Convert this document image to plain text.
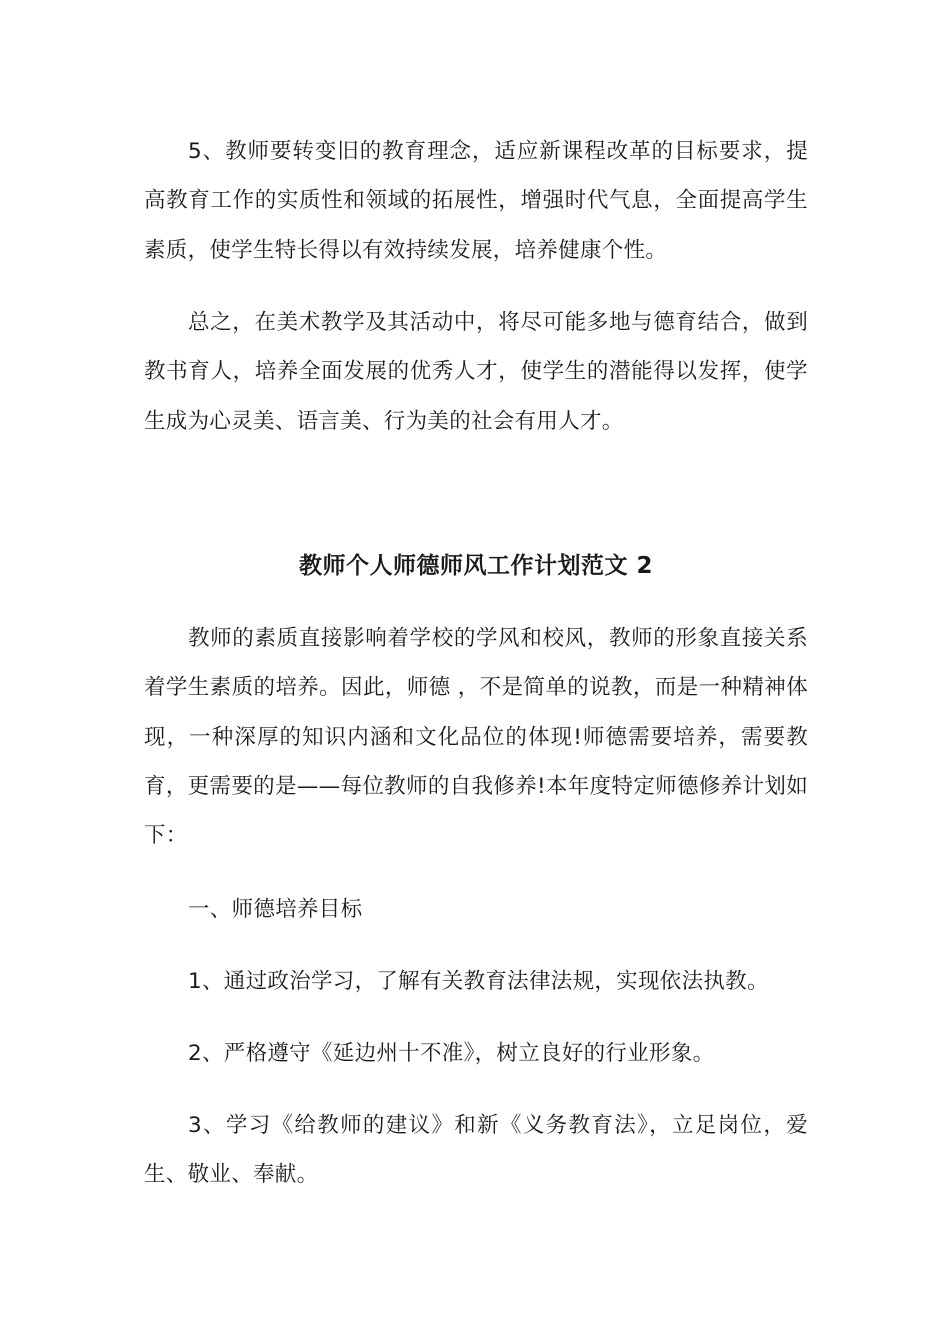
5、教师要转变旧的教育理念，适应新课程改革的目标要求，提高教育工作的实质性和领域的拓展性，增强时代气息，全面提高学生素质，使学生特长得以有效持续发展，培养健康个性。

总之，在美术教学及其活动中，将尽可能多地与德育结合，做到教书育人，培养全面发展的优秀人才，使学生的潜能得以发挥，使学生成为心灵美、语言美、行为美的社会有用人才。

教师个人师德师风工作计划范文 2

教师的素质直接影响着学校的学风和校风，教师的形象直接关系着学生素质的培养。因此，师德 ，不是简单的说教，而是一种精神体现，一种深厚的知识内涵和文化品位的体现!师德需要培养，需要教育，更需要的是——每位教师的自我修养!本年度特定师德修养计划如下：

一、师德培养目标

1、通过政治学习，了解有关教育法律法规，实现依法执教。

2、严格遵守《延边州十不准》，树立良好的行业形象。

3、学习《给教师的建议》和新《义务教育法》，立足岗位，爱生、敬业、奉献。
